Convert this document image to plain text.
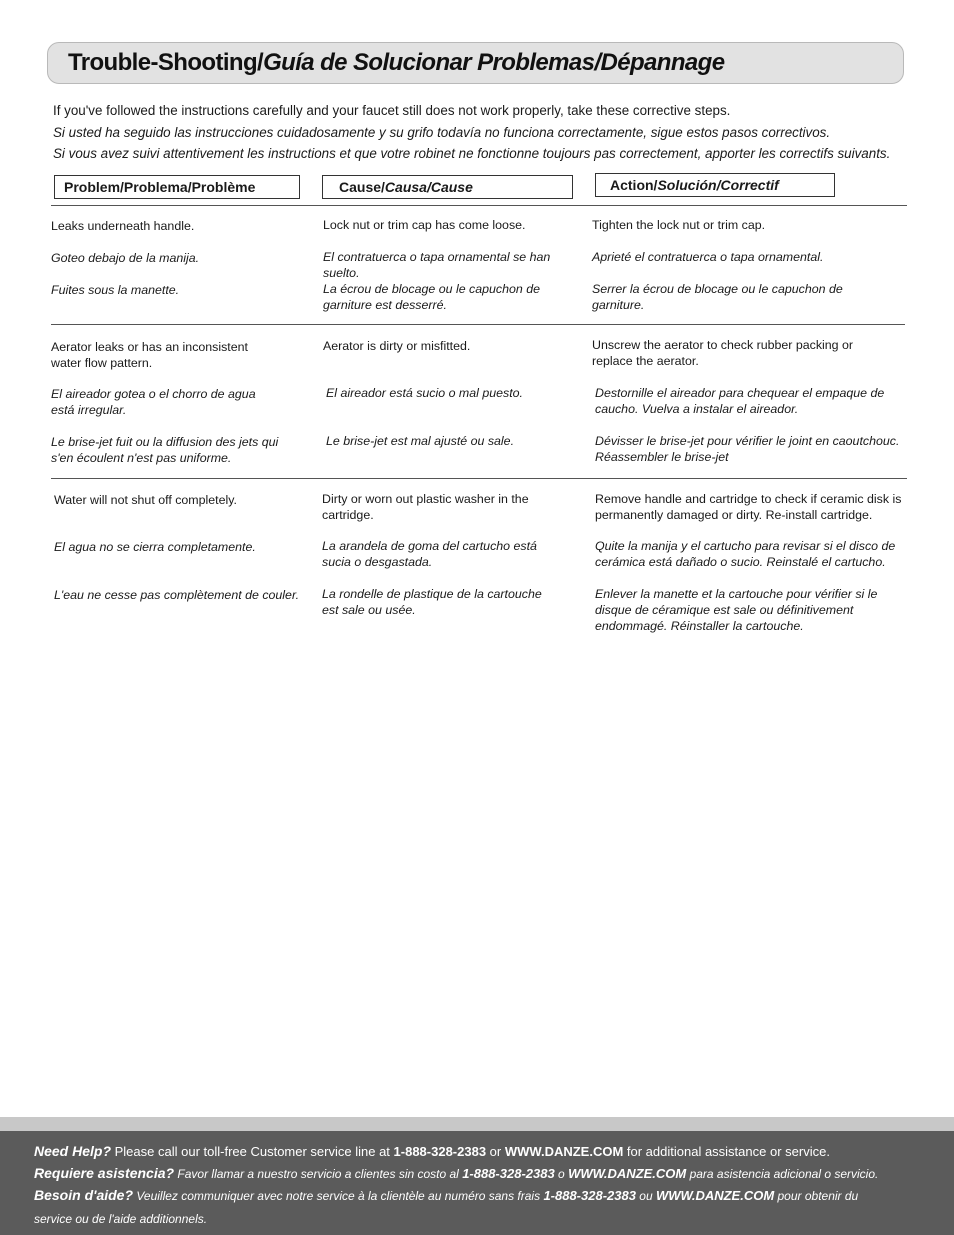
Trouble-Shooting/Guía de Solucionar Problemas/Dépannage

If you've followed the instructions carefully and your faucet still does not work properly, take these corrective steps.

Si usted ha seguido las instrucciones cuidadosamente y su grifo todavía no funciona correctamente, sigue estos pasos correctivos.

Si vous avez suivi attentivement les instructions et que votre robinet ne fonctionne toujours pas correctement, apporter les correctifs suivants.

Problem/Problema/Problème	Cause/Causa/Cause	Action/Solución/Correctif
Leaks underneath handle.
Goteo debajo de la manija.
Fuites sous la manette.
Lock nut or trim cap has come loose.
El contratuerca o tapa ornamental se han suelto.
La écrou de blocage ou le capuchon de garniture est desserré.
Tighten the lock nut or trim cap.
Aprieté el contratuerca o tapa ornamental.
Serrer la écrou de blocage ou le capuchon de garniture.
Aerator leaks or has an inconsistent water flow pattern.
El aireador gotea o el chorro de agua está irregular.
Le brise-jet fuit ou la diffusion des jets qui s'en écoulent n'est pas uniforme.
Aerator is dirty or misfitted.
El aireador está sucio o mal puesto.
Le brise-jet est mal ajusté ou sale.
Unscrew the aerator to check rubber packing or replace the aerator.
Destornille el aireador para chequear el empaque de caucho. Vuelva a instalar el aireador.
Dévisser le brise-jet pour vérifier le joint en caoutchouc. Réassembler le brise-jet
Water will not shut off completely.
El agua no se cierra completamente.
L'eau ne cesse pas complètement de couler.
Dirty or worn out plastic washer in the cartridge.
La arandela de goma del cartucho está sucia o desgastada.
La rondelle de plastique de la cartouche est sale ou usée.
Remove handle and cartridge to check if ceramic disk is permanently damaged or dirty. Re-install cartridge.
Quite la manija y el cartucho para revisar si el disco de cerámica está dañado o sucio. Reinstalé el cartucho.
Enlever la manette et la cartouche pour vérifier si le disque de céramique est sale ou définitivement endommagé. Réinstaller la cartouche.
Need Help? Please call our toll-free Customer service line at 1-888-328-2383 or WWW.DANZE.COM for additional assistance or service.
Requiere asistencia? Favor llamar a nuestro servicio a clientes sin costo al 1-888-328-2383 o WWW.DANZE.COM para asistencia adicional o servicio.
Besoin d'aide? Veuillez communiquer avec notre service à la clientèle au numéro sans frais 1-888-328-2383 ou WWW.DANZE.COM pour obtenir du
service ou de l'aide additionnels.
